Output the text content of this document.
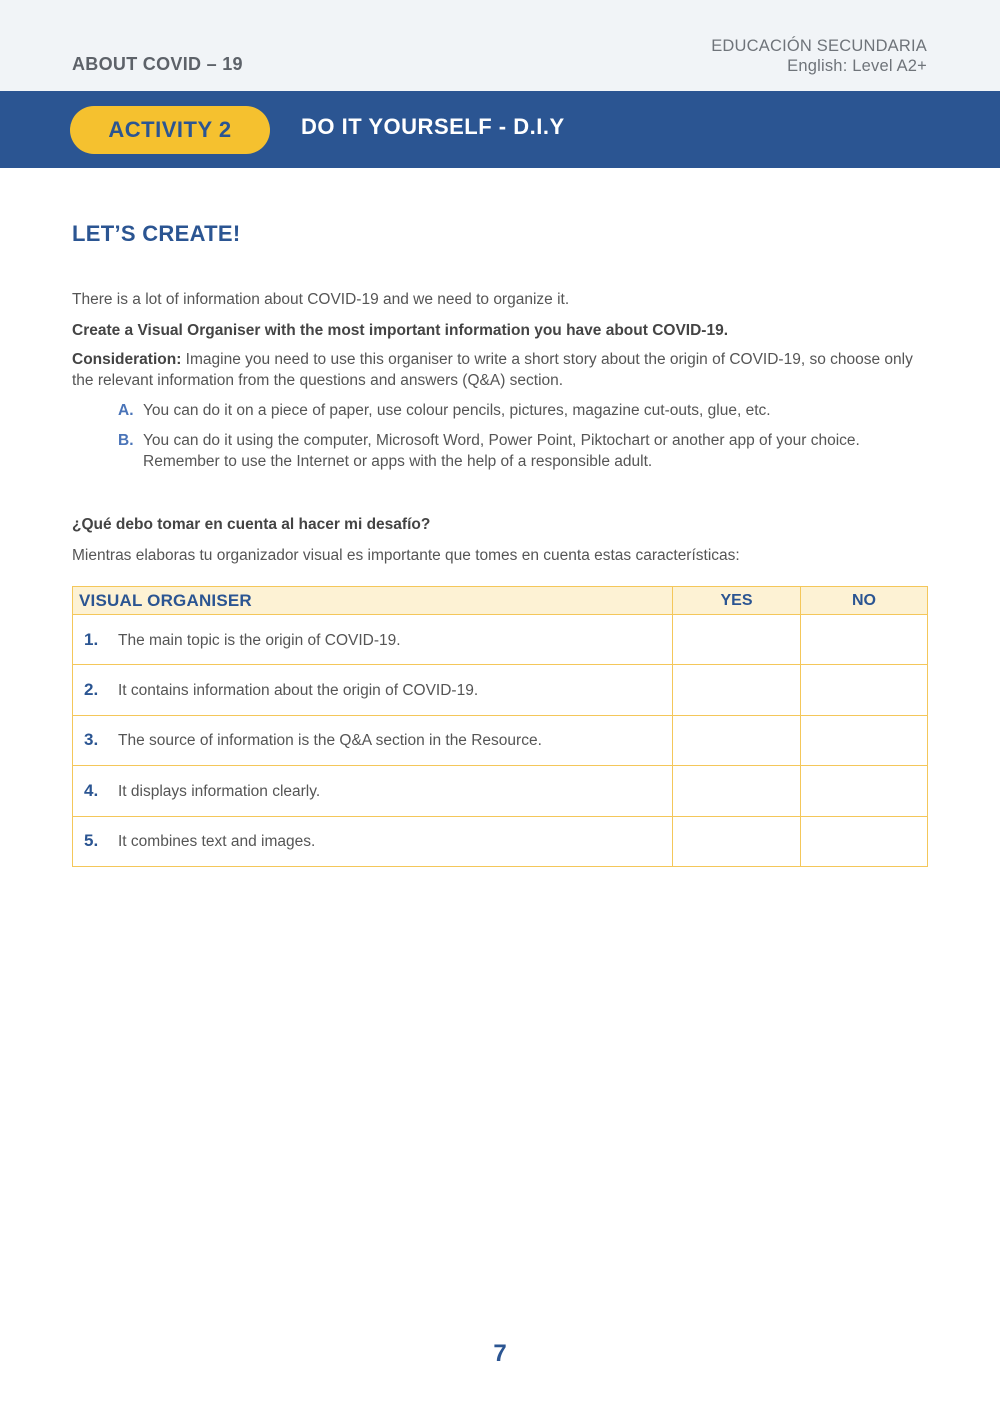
ABOUT COVID – 19
EDUCACIÓN SECUNDARIA
English: Level A2+
ACTIVITY 2	DO IT YOURSELF - D.I.Y
LET’S CREATE!
There is a lot of information about COVID-19 and we need to organize it.
Create a Visual Organiser with the most important information you have about COVID-19.
Consideration: Imagine you need to use this organiser to write a short story about the origin of COVID-19, so choose only the relevant information from the questions and answers (Q&A) section.
A. You can do it on a piece of paper, use colour pencils, pictures, magazine cut-outs, glue, etc.
B. You can do it using the computer, Microsoft Word, Power Point, Piktochart or another app of your choice. Remember to use the Internet or apps with the help of a responsible adult.
¿Qué debo tomar en cuenta al hacer mi desafío?
Mientras elaboras tu organizador visual es importante que tomes en cuenta estas características:
VISUAL ORGANISER	YES	NO
1. The main topic is the origin of COVID-19.		
2. It contains information about the origin of COVID-19.		
3. The source of information is the Q&A section in the Resource.		
4. It displays information clearly.		
5. It combines text and images.		
7
